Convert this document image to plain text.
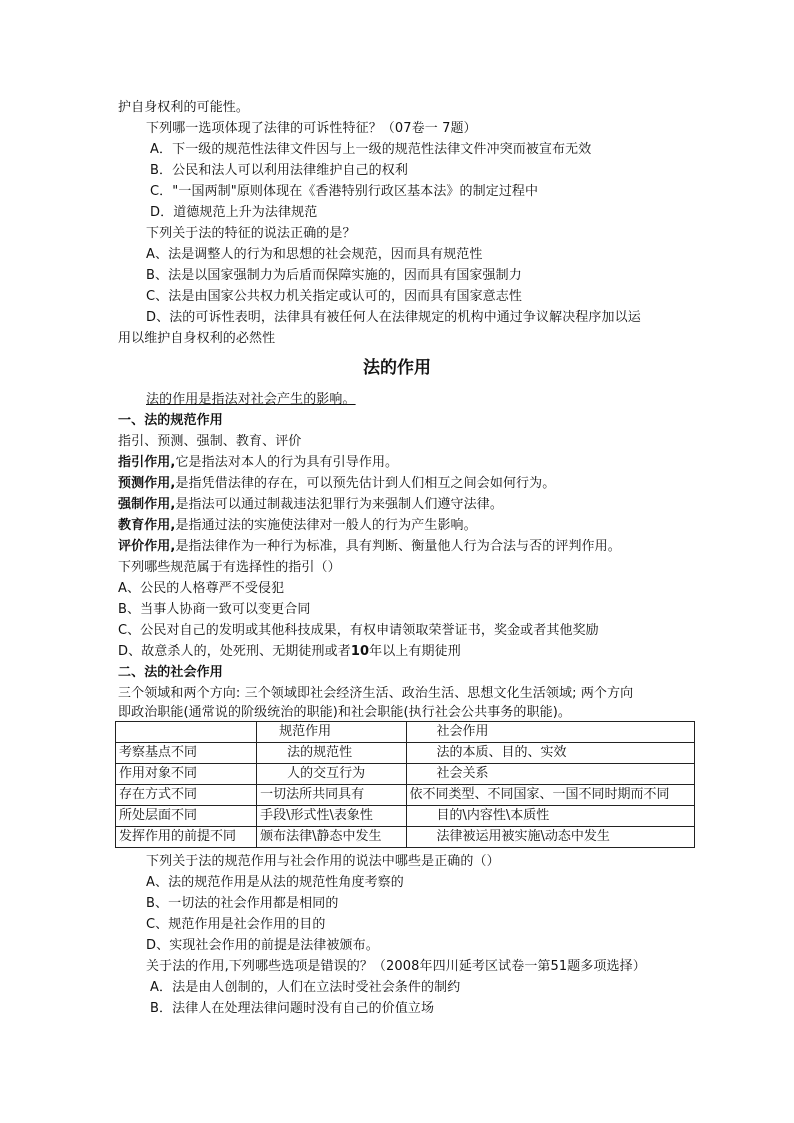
护自身权利的可能性。
下列哪一选项体现了法律的可诉性特征？（07卷一 7题）
A．下一级的规范性法律文件因与上一级的规范性法律文件冲突而被宣布无效
B．公民和法人可以利用法律维护自己的权利
C．"一国两制"原则体现在《香港特别行政区基本法》的制定过程中
D．道德规范上升为法律规范
下列关于法的特征的说法正确的是？
A、法是调整人的行为和思想的社会规范，因而具有规范性
B、法是以国家强制力为后盾而保障实施的，因而具有国家强制力
C、法是由国家公共权力机关指定或认可的，因而具有国家意志性
D、法的可诉性表明，法律具有被任何人在法律规定的机构中通过争议解决程序加以运
用以维护自身权利的必然性
法的作用
法的作用是指法对社会产生的影响。
一、法的规范作用
指引、预测、强制、教育、评价
指引作用,它是指法对本人的行为具有引导作用。
预测作用,是指凭借法律的存在，可以预先估计到人们相互之间会如何行为。
强制作用,是指法可以通过制裁违法犯罪行为来强制人们遵守法律。
教育作用,是指通过法的实施使法律对一般人的行为产生影响。
评价作用,是指法律作为一种行为标准，具有判断、衡量他人行为合法与否的评判作用。
下列哪些规范属于有选择性的指引（）
A、公民的人格尊严不受侵犯
B、当事人协商一致可以变更合同
C、公民对自己的发明或其他科技成果，有权申请领取荣誉证书，奖金或者其他奖励
D、故意杀人的，处死刑、无期徒刑或者10年以上有期徒刑
二、法的社会作用
三个领域和两个方向: 三个领域即社会经济生活、政治生活、思想文化生活领域; 两个方向
即政治职能(通常说的阶级统治的职能)和社会职能(执行社会公共事务的职能)。
	规范作用	社会作用
考察基点不同	法的规范性	法的本质、目的、实效
作用对象不同	人的交互行为	社会关系
存在方式不同	一切法所共同具有	依不同类型、不同国家、一国不同时期而不同
所处层面不同	手段\形式性\表象性	目的\内容性\本质性
发挥作用的前提不同	颁布法律\静态中发生	法律被运用被实施\动态中发生
下列关于法的规范作用与社会作用的说法中哪些是正确的（）
A、法的规范作用是从法的规范性角度考察的
B、一切法的社会作用都是相同的
C、规范作用是社会作用的目的
D、实现社会作用的前提是法律被颁布。
关于法的作用,下列哪些选项是错误的？（2008年四川延考区试卷一第51题多项选择）
A．法是由人创制的，人们在立法时受社会条件的制约
B．法律人在处理法律问题时没有自己的价值立场
